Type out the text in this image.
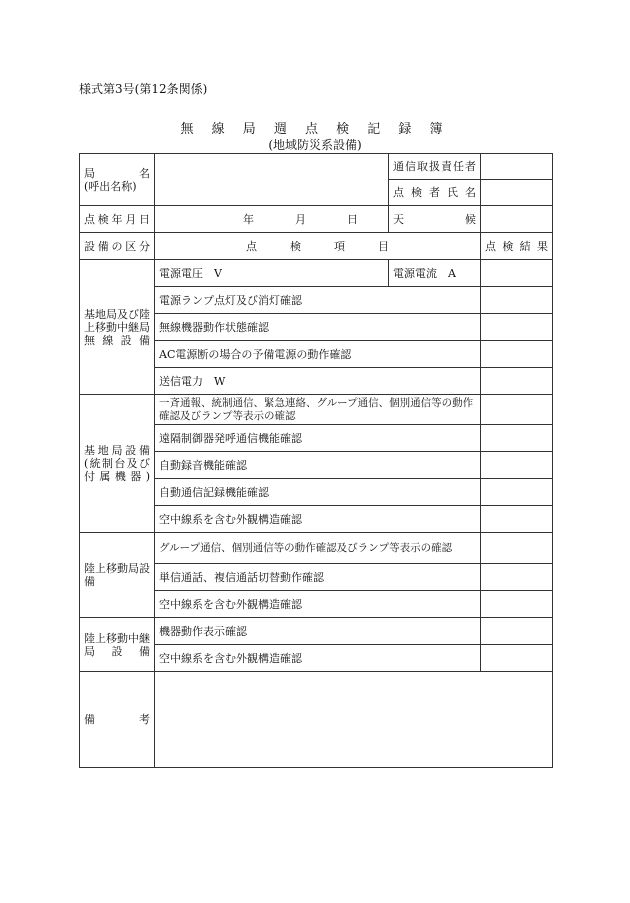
様式第3号(第12条関係)
無 線 局 週 点 検 記 録 簿
(地域防災系設備)
局　　　名
(呼出名称)		通信取扱責任者	
		点 検 者 氏 名	
点検年月日	年 月 日	天　　　候	
設備の区分	点　　　検　　　項　　　目		点 検 結 果

基地局及び陸上移動中継局無線設備	電源電圧　V	電源電流　A	
	電源ランプ点灯及び消灯確認		
	無線機器動作状態確認		
	AC電源断の場合の予備電源の動作確認		
	送信電力　W		

基地局設備(統制台及び付属機器)	一斉通報、統制通信、緊急連絡、グループ通信、個別通信等の動作確認及びランプ等表示の確認		
	遠隔制御器発呼通信機能確認		
	自動録音機能確認		
	自動通信記録機能確認		
	空中線系を含む外観構造確認		

陸上移動局設備	グループ通信、個別通信等の動作確認及びランプ等表示の確認		
	単信通話、複信通話切替動作確認		
	空中線系を含む外観構造確認		

陸上移動中継局設備	機器動作表示確認		
	空中線系を含む外観構造確認		
備　　　考			
